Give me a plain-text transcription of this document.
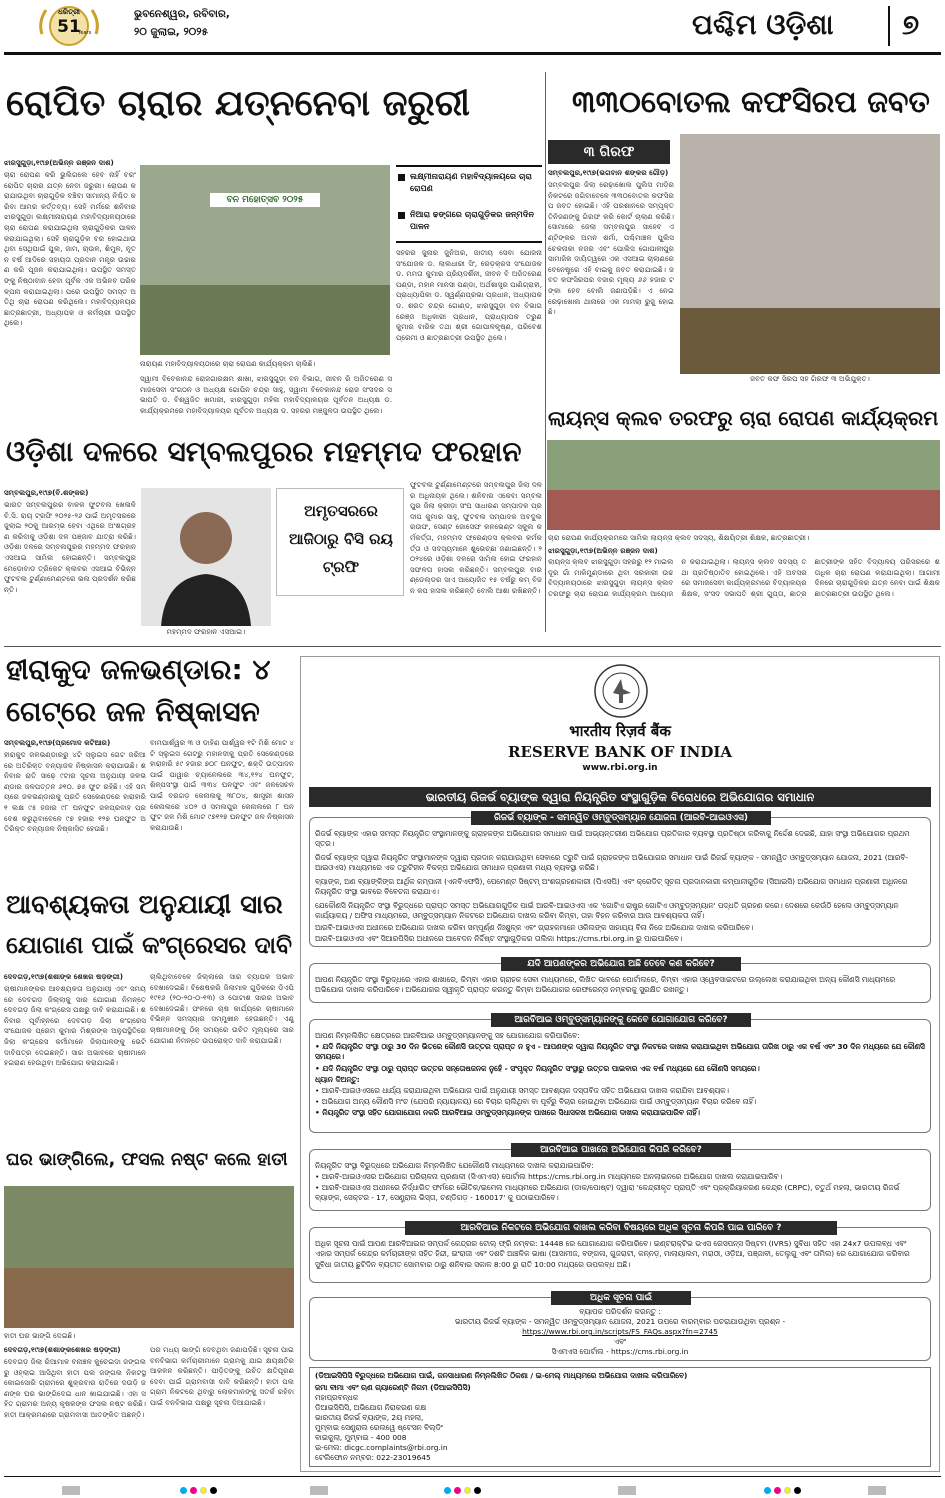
ଧରିତ୍ରୀ
51
Years
ଭୁବନେଶ୍ୱର, ରବିବାର,
୨୦ ଜୁଲାଇ, ୨୦୨୫	ପଶ୍ଚିମ ଓଡ଼ିଶା ୭
ରୋପିତ ଚାରାର ଯତ୍ନନେବା ଜରୁରୀ
ଝାରସୁଗୁଡ଼ା,୧୯ା୭(ଅଭିନ୍ନ ରଞ୍ଜନ ଦାଶ)
ଚାରା ରୋପଣ କରି ଭୁଲିଗଲେ ହେବ ନାହିଁ ବରଂ ରୋପିତ ଚାରାର ଯତ୍ନ ନେବା ଜରୁରୀ। ରୋପଣ କରାଯାଉଥିବା ଚାରାଗୁଡ଼ିକ ବଞ୍ଚିବା ସାମାନ୍ୟ ନିଶ୍ଚିତ କରିବା ଆମର କର୍ତ୍ତବ୍ୟ। ସେହି ମର୍ମରେ ଶନିବାର ଝାରସୁଗୁଡ଼ା ଲକ୍ଷ୍ମୀନାରାୟଣ ମହାବିଦ୍ୟାଳୟଠାରେ ଚାରା ରୋପଣ କରାଯାଇଥିଲା ଚାରାଗୁଡ଼ିକର ପାଳନ କରାଯାଇଥିଲା। ସେହି ଚାରାଗୁଡ଼ିକ ବର ହୋଇଥାଉଥିବା ସେଥିପାଇଁ ପୁଲ, ଜାମ, ଚାଉଳ, ଶିମୁଳ, ନୂତନ ବର୍ଷ ଆଦିରେ ସହାୟତା ପ୍ରଦାନ ମନ୍ତ୍ର ଉଚ୍ଚାରଣ କରି ପୂଜନ କରାଯାଇଥିଲା। ଉପସ୍ଥିତ ସମସ୍ତଙ୍କୁ ନିଷ୍ଠାବାନ ହେବା ପୂର୍ବକ ଏକ ଅଭିନବ ପରିକଳ୍ପନା କରାଯାଇଥିଲା। ପରେ ଉପସ୍ଥିତ ସମସ୍ତ ଅତିଥି ଚାରା ରୋପଣ କରିଥିଲେ। ମହାବିଦ୍ୟାଳୟର ଛାତ୍ରଛାତ୍ରୀ, ଅଧ୍ୟାପକ ଓ କର୍ମଚାରୀ ଉପସ୍ଥିତ ଥିଲେ।
ବନ ମହୋତ୍ସବ ୨୦୨୫
ନାରାୟଣ ମହାବିଦ୍ୟାଳୟଠାରେ ଚାରା ରୋପଣ କାର୍ଯ୍ୟକ୍ରମ ଚାଲିଛି।
ଲକ୍ଷ୍ମୀନାରାୟଣ ମହାବିଦ୍ୟାଳୟରେ ଚାରା ରୋପଣ
ନିଆରା ଢଙ୍ଗରେ ଚାରାଗୁଡ଼ିକର ଜନ୍ମଦିନ ପାଳନ
ସହରର ଜୁନାର ଜୁନିଅର, ଜାତୀୟ ସେବା ଯୋଜନା ସଂଯୋଜକ ଡ. ଲାଲଧାରୀ ସିଂ, ରେଡ଼କ୍ରସ ସଂଯୋଜକ ଡ. ମମତା କୁମାର ପ୍ରିୟଦର୍ଶିନୀ, ଜୀବନ ବି ଅଜିତରେଣ ପଣ୍ଡା, ମହାନ ମାନସୀ ପଣ୍ଡା, ଅର୍ଥଶାସ୍ତ୍ର ପାଣିଗ୍ରାହୀ, ପ୍ରାଧ୍ୟାପିକା ଡ. ସ୍ୱର୍ଣ୍ଣପ୍ରଭା ପ୍ରଧାନ, ଅଧ୍ୟାପକ ଡ. ଶରତ ଚନ୍ଦ୍ର ଗୋଣ୍ଡ, ଝାରସୁଗୁଡ଼ା ବନ ବିଭାଗ ରେଞ୍ଜ ଅଧିକାରୀ ପ୍ରଧାନ, ପ୍ରାଧ୍ୟାପକ ତରୁଣ କୁମାର ବାରିକ ତଥା ଶ୍ରୀ ଗୋପାଳକୃଷ୍ଣ, ପରିବେଶପ୍ରେମୀ ଓ ଛାତ୍ରଛାତ୍ରୀ ଉପସ୍ଥିତ ଥିଲେ।
ସ୍ୱାମୀ ବିବେକାନନ୍ଦ ରୋଜଗାରକ୍ଷମ ଶାଖା, ଝାରସୁଗୁଡ଼ା ବନ ବିଭାଗ, ଜୀବନ ରି ଅଜିତରେଣ ସମାଜସେବୀ ସଂଗଠନ ଓ ଅଧ୍ୟକ୍ଷ ଗୋପିନ ଚନ୍ଦ୍ର ସାହୁ, ସ୍ୱାମୀ ବିବେକାନନ୍ଦ ରୋଜ ସଂସଦର ସଭାପତି ଡ. ବିଶ୍ୱଜିତ ଖମାରୀ, ଝାରସୁଗୁଡ଼ା ମହିଳା ମହାବିଦ୍ୟାଳୟର ପୂର୍ବତନ ଅଧ୍ୟକ୍ଷ ଡ. କାର୍ଯ୍ୟକ୍ରମରେ ମହାବିଦ୍ୟାଳୟର ପୂର୍ବତନ ଅଧ୍ୟକ୍ଷ ଡ. ସହରର ମଞ୍ଜୁଳତା ଉପସ୍ଥିତ ଥିଲେ।
୩୩୦ବୋତଲ କଫସିରପ ଜବତ
୩ ଗିରଫ
ସମ୍ବଲପୁର,୧୯ା୭(ଭଗବାନ ଶଙ୍କର ଗୌଡ଼)
ସମ୍ବଲପୁର ଜିଲା ରେଢ଼ାଖୋଲ ପୁଲିସ ମାଡ଼ିର ନିକଟରେ ଜଗିବାବେଳେ ୩୩୦ବୋତଲ କଫସିରପ ଜବତ ହୋଇଛି। ଏହି ପରଶାନରେ ସମ୍ପୃକ୍ତ ତିନିଜଣଙ୍କୁ ଗିରଫ କରି କୋର୍ଟ ଚାଲାଣ କରିଛି। ସୋମାରେ ଜେଲା ସମ୍ବଲପୁର ସାହେବ ଏଣ୍ଟିଙ୍କର ଅମନ ଶର୍ମା, ପଶ୍ଚିମାଞ୍ଚଳ ପୁଲିସ ଚେକନାକା ନଜର ଏବଂ ପୋଲିସ ଗୋପାଳୀପୁର ସାମାଜିକ ଦାୟିତ୍ୱରେ ଏକ ଏସଆଇ ଚାଲାଣରେ ବେନେଷ୍ଟ୍ରେ ଏହି ବାଇକୁ ଜବତ କରାଯାଇଛି। ଜବତ କଫସିରପର ବଜାର ମୂଲ୍ୟ ୬୬ ହଜାର ଟଙ୍କା ହେବ ବୋଲି ଜଣାପଡ଼ିଛି। ଏ ନେଇ ରେଢ଼ାଖୋଲ ଥାନାରେ ଏକ ମାମଲା ରୁଜୁ ହୋଇଛି।
ଜବତ କଫ ସିରପ ସହ ଗିରଫ ୩ ଅଭିଯୁକ୍ତ।
ଲାୟନ୍ସ କ୍ଲବ ତରଫରୁ ଚାରା ରୋପଣ କାର୍ଯ୍ୟକ୍ରମ
ଚାରା ରୋପଣ କାର୍ଯ୍ୟକ୍ରମରେ ସାମିଲ ଲାୟନ୍ସ କ୍ଲବ ସଦସ୍ୟ, ଶିକ୍ଷୟିତ୍ରୀ ଶିକ୍ଷକ, ଛାତ୍ରଛାତ୍ରୀ।
ଝାରସୁଗୁଡ଼ା,୧୯ା୭(ଅଭିନ୍ନ ରଞ୍ଜନ ଦାଶ)
ଲାୟନ୍ସ କ୍ଲବ ଝାରସୁଗୁଡ଼ା ସହରରୁ ୧୨ ମାଇଲ ଦୂର ଗାଁ ମାକିମୁଣ୍ଡାରେ ଥିବା ସରକାରୀ ଉଚ୍ଚ ବିଦ୍ୟାଳୟଠାରେ ଝାରସୁଗୁଡ଼ା ଲାୟନ୍ସ କ୍ଲବ ତରଫରୁ ଚାରା ରୋପଣ କାର୍ଯ୍ୟକ୍ରମ ଆୟୋଜନ କରାଯାଇଥିଲା। ଲାୟନ୍ସ କ୍ଲବ ସଦସ୍ୟ ତଥା ପ୍ରତିଷ୍ଠାତିବ ହୋଇଥିଲେ। ଏହି ଅବସରରେ ସମାଜସେବୀ କାର୍ଯ୍ୟକ୍ରମରେ ବିଦ୍ୟାଳୟର ଶିକ୍ଷକ, ସଂସଦ ସଭାପତି ଶ୍ରୀ ଗୁପ୍ତା, ଛାତ୍ରଛାତ୍ରୀଙ୍କ ସହିତ ବିଦ୍ୟାଳୟ ପରିସରରେ ଶତାଧିକ ଚାରା ରୋପଣ କରାଯାଇଥିଲା। ଆଗାମୀ ଦିନରେ ଚାରାଗୁଡ଼ିକର ଯତ୍ନ ନେବା ପାଇଁ ଶିକ୍ଷକ ଛାତ୍ରଛାତ୍ରୀ ଉପସ୍ଥିତ ଥିଲେ।
ଓଡ଼ିଶା ଦଳରେ ସମ୍ବଲପୁରର ମହମ୍ମଦ ଫରହାନ
ସମ୍ବଲପୁର,୧୯ା୭(ବି.ଶଙ୍କର)
ଭାରତ ସମ୍ବଲପୁରର ବାଳକ ଫୁଟବଲ ଖେଳାଳି ବି.ସି. ରାୟ ଟ୍ରଫି ୨୦୨୫-୨୬ ପାଇଁ ଅମୃତସରରେ ଜୁଲାଇ ୨୦କୁ ଆରମ୍ଭ ହେବା ଏଥିରେ ଅଂଶଗ୍ରହଣ କରିବାକୁ ଓଡ଼ିଶା ଦଳ ପଞ୍ଜାବ ଯାତ୍ରା କରିଛି। ଓଡ଼ିଶା ଦଳରେ ସମ୍ବଲପୁରର ମହମ୍ମଦ ଫରହାନ ଏସଆଇ ସାମିଲ ହୋଇଛନ୍ତି। ସମ୍ବଲପୁର ମେଡ଼ୋବାଡ ତ୍ରିକେଟ କ୍ଲବର ଏସଆଇ ବିଭିନ୍ନ ଫୁଟବଲ ଟୁର୍ଣ୍ଣାମେଣ୍ଟରେ ଭଲ ପ୍ରଦର୍ଶନ କରିଛନ୍ତି।
ମହମ୍ମଦ ଫରହାନ ଏସଆଇ।
ଅମୃତସରରେ ଆଜିଠାରୁ ବିସି ରୟ ଟ୍ରଫି
ଫୁଟବଲ ଟୁର୍ଣ୍ଣାମେଣ୍ଟରେ ସମ୍ବଲପୁର ଜିଲା ଦଳର ଅଧିନାୟକ ଥିଲେ। ଶନିବାର ଏକେବା ସମ୍ବଲପୁର ଜିଲା କ୍ରୀଡ଼ା ସଂଘ ସାଧାରଣ ସମ୍ପାଦକ ପ୍ରଦୀପ କୁମାର ସାହୁ, ଫୁଟବଲ ସମ୍ପାଦକ ଅବଦୁଲ ରଉଫ, ସେଣ୍ଟ ଜୋସେଫ କନଭେଣ୍ଟ ସ୍କୁଲ କର୍ମକର୍ତ୍ତା, ମହମ୍ମଦ ଫ୍ରେଣ୍ଡସ କ୍ଲବର କର୍ମକର୍ତ୍ତା ଓ ସଦସ୍ୟମାନେ ଶୁଭେଚ୍ଛା ଜଣାଇଛନ୍ତି। ୨୦୨୪ରେ ଓଡ଼ିଶା ଦଳରେ ସାମିଲ ହୋଇ ଫରହାନ ସଫଳତା ହାସଲ କରିଛନ୍ତି। ସମ୍ବଲପୁର ବାରଣ୍ଡେଲ୍ଡର ସାଏ ଆୟୋଜିତ ୧୫ ବର୍ଷରୁ କମ୍ ବିଜନ କପ ହାସଲ କରିଛନ୍ତି ବୋଲି ଆଶା ରଖିଛନ୍ତି।
ହୀରାକୁଦ ଜଳଭଣ୍ଡାର: ୪
ଗେଟ୍‌ରେ ଜଳ ନିଷ୍କାସନ
ସମ୍ବଲପୁର,୧୯ା୭(ପ୍ରମୋଦ କଟିଆର)
ହୀରାକୁଦ ଜଳଭଣ୍ଡାରରୁ ୪ଟି ସ୍ଲୁଇସ ଗେଟ ଜରିଆରେ ଅତିରିକ୍ତ ବନ୍ୟାଜଳ ନିଷ୍କାସନ କରାଯାଉଛି। ଶନିବାର ରାତି ସାଢ଼େ ୯ଟାର ସୂଚନା ଅନୁଯାୟୀ ଜଳଭଣ୍ଡାର ଜଳପତ୍ତନ ୬୧୦. ୭୫ ଫୁଟ ରହିଛି। ଏହି ସମୟରେ ଜଳଭଣ୍ଡାରକୁ ପ୍ରତି ସେକେଣ୍ଡରେ ହାରାହାରି ୧ ଲକ୍ଷ ୯୫ ହଜାର ୯୮ ଘନଫୁଟ ଜଳପ୍ରବାହ ପ୍ରବେଶ କରୁଥିବାବେଳେ ୯୭ ହଜାର ୧୨୭ ଘନଫୁଟ ଅତିରିକ୍ତ ବନ୍ୟାଜଳ ନିଷ୍କାସିତ ହେଉଛି।
ବାମପାର୍ଶ୍ୱର ୩ ଓ ଡାହିଣ ପାର୍ଶ୍ୱର ୧ଟି ମିଶି ମୋଟ ୪ଟି ସ୍ଲୁଇସ ଗେଟ୍‌ରୁ ମହାନଦୀକୁ ପ୍ରତି ସେକେଣ୍ଡରେ ହାରାହାରି ୫୯ ହଜାର ୭୦୮ ଘନଫୁଟ, ଶକ୍ତି ଉତ୍ପାଦନ ପାଇଁ ପାୱାର ଚ୍ୟାନେଲରେ ୩୪,୧୨୪ ଘନଫୁଟ, ଶିଳ୍ପସଂସ୍ଥା ପାଇଁ ୩୩୪ ଘନଫୁଟ ଏବଂ ଜଳସେଚନ ପାଇଁ ବରଗଡ଼ କେନାଲକୁ ୩୮୦୪, ଶାସ୍ତ୍ରୀ ଶାସନ କେନାଲରେ ୪୦୨ ଓ ସମଲପୁର କେନାଲରେ ୮ ଘନଫୁଟ ଜଳ ମିଶି ମୋଟ ୯୭୧୨୭ ଘନଫୁଟ ଜଳ ନିଷ୍କାସନ କରାଯାଉଛି।
ଆବଶ୍ୟକତା ଅନୁଯାୟୀ ସାର
ଯୋଗାଣ ପାଇଁ କଂଗ୍ରେସର ଦାବି
ଦେବଗଡ଼,୧୯ା୭(ଶଶାଙ୍କ ଶେଖର ଷଡ଼ଙ୍ଗୀ)
ଚାଷୀମାନଙ୍କର ଆବଶ୍ୟକତା ଅନୁଯାୟୀ ଏବଂ ସମୟରେ ଦେବଗଡ଼ ଜିଲ୍ଲାକୁ ସାର ଯୋଗାଣ ନିମନ୍ତେ ଦେବଗଡ଼ ଜିଲା କଂଗ୍ରେସ ପକ୍ଷରୁ ଦାବି କରାଯାଇଛି। ଶନିବାର ପୂର୍ବାହ୍ନରେ ଦେବଗଡ଼ ଜିଲା କଂଗ୍ରେସ ସଂଯୋଜକ ପ୍ରେମ କୁମାର ମିଶ୍ରଙ୍କ ଅନୁପସ୍ଥିତିରେ ଜିଲା କଂଗ୍ରେସ କର୍ମୀମାନେ ଜିଲାପାଳଙ୍କୁ ଭେଟି ଦାବିପତ୍ର ଦେଇଛନ୍ତି। ସାର ଅଭାବରେ ଚାଷୀମାନେ ହଇରାଣ ହେଉଥିବା ଅଭିଯୋଗ କରାଯାଇଛି।
ଚାଲିଥିବାବେଳେ ଜିଲ୍ଲାରେ ସାର ବ୍ୟାପକ ଅଭାବ ଦେଖାଦେଇଛି। ବିଶେଷକରି ଜିଲାମାଳ ଗୁଡ଼ିକରେ ଡିଏପି ୧୯୧୬ (୨୦-୨୦-୦-୧୩) ଓ ପୋଟାଶ ସାରର ଅଭାବ ଦେଖାଦେଇଛି। ଫଳରେ ଚାଷ କାର୍ଯ୍ୟରେ ଚାଷୀମାନେ ବିଭିନ୍ନ ସମସ୍ୟାର ସମ୍ମୁଖୀନ ହେଉଛନ୍ତି। ଏଣୁ ଚାଷୀମାନଙ୍କୁ ଠିକ୍ ସମୟରେ ଉଚିତ ମୂଲ୍ୟରେ ସାର ଯୋଗାଣ ନିମନ୍ତେ ଉପରୋକ୍ତ ଦାବି କରାଯାଇଛି।
ଘର ଭାଙ୍ଗିଲେ, ଫସଲ ନଷ୍ଟ କଲେ ହାତୀ
ହାତୀ ଘର ଭାଙ୍ଗି ଦେଇଛି।
ଦେବଗଡ଼,୧୯ା୭(ଶଶାଙ୍କଶେଖର ଷଡ଼ଙ୍ଗୀ)
ଦେବଗଡ଼ ଜିଲା ରିଆମାଳ ବନାଞ୍ଚଳ କୁଚେଇଦା ଜଙ୍ଗଲରୁ ଓହ୍ଲାଇ ଆସିଥିବା ହାତୀ ପଲ ଜଙ୍ଗଲ ନିକଟସ୍ଥ କୋଇସୋରି ଗ୍ରାମରେ ଶୁକ୍ରବାର ରାତିରେ ଦଉଡ଼ି ଜଣଙ୍କ ଘର ଭାଙ୍ଗିଦେଇ ଧାନ ଖାଇଯାଇଛି। ଏହା ସହିତ ଗ୍ରାମର ଅନ୍ୟ କୃଷକଙ୍କ ଫସଲ ନଷ୍ଟ କରିଛି। ହାତୀ ଆକ୍ରମଣରେ ଗ୍ରାମବାସୀ ଆତଙ୍କିତ ଅଛନ୍ତି।
ପର ମଧ୍ୟ ଭାଙ୍ଗି ଦେବଥିବା ଜଣାପଡ଼ିଛି। ସୂଚନା ପାଇ ବନବିଭାଗ କର୍ମଚାରୀମାନେ ଗ୍ରାମକୁ ଯାଇ କ୍ଷୟକ୍ଷତିର ଆକଳନ କରିଛନ୍ତି। ପୀଡ଼ିତଙ୍କୁ ଉଚିତ କ୍ଷତିପୂରଣ ଦେବା ପାଇଁ ଗ୍ରାମବାସୀ ଦାବି କରିଛନ୍ତି। ହାତୀ ପଲ ଗ୍ରାମ ନିକଟରେ ଥିବାରୁ ଲୋକମାନଙ୍କୁ ସତର୍କ ରହିବା ପାଇଁ ବନବିଭାଗ ପକ୍ଷରୁ ସୂଚନା ଦିଆଯାଇଛି।
भारतीय रिज़र्व बैंक
RESERVE BANK OF INDIA
www.rbi.org.in
ଭାରତୀୟ ରିଜର୍ଭ ବ୍ୟାଙ୍କ ଦ୍ୱାରା ନିୟନ୍ତ୍ରିତ ସଂସ୍ଥାଗୁଡ଼ିକ ବିରୋଧରେ ଅଭିଯୋଗର ସମାଧାନ
ରିଜର୍ଭ ବ୍ୟାଙ୍କ - ସମନ୍ୱିତ ଓମ୍ବୁଡ୍ସମ୍ୟାନ ଯୋଜନା (ଆରବି-ଆଇଓଏସ)
ରିଜର୍ଭ ବ୍ୟାଙ୍କ ଏହାର ସମସ୍ତ ନିୟନ୍ତ୍ରିତ ସଂସ୍ଥାମାନଙ୍କୁ ଗ୍ରାହକଙ୍କ ଅଭିଯୋଗର ସମାଧାନ ପାଇଁ ଆଭ୍ୟନ୍ତରୀଣ ଅଭିଯୋଗ ପ୍ରତିକାର ବ୍ୟବସ୍ଥା ପ୍ରତିଷ୍ଠା କରିବାକୁ ନିର୍ଦ୍ଦେଶ ଦେଇଛି, ଯାହା ସଂସ୍ଥା ଅଭିଯୋଗର ପ୍ରଥମ ସ୍ତର।
ରିଜର୍ଭ ବ୍ୟାଙ୍କ ଦ୍ୱାରା ନିୟନ୍ତ୍ରିତ ସଂସ୍ଥାମାନଙ୍କ ଦ୍ୱାରା ପ୍ରଦାନ କରାଯାଉଥିବା ସେବାରେ ତ୍ରୁଟି ପାଇଁ ଗ୍ରାହକଙ୍କ ଅଭିଯୋଗର ସମାଧାନ ପାଇଁ ରିଜର୍ଭ ବ୍ୟାଙ୍କ - ସମନ୍ୱିତ ଓମ୍ବୁଡ୍ସମ୍ୟାନ ଯୋଜନା, 2021 (ଆରବି-ଆଇଓଏସ) ମାଧ୍ୟମରେ ଏକ ତ୍ରୁଟିହୀନ ବିକଳ୍ପ ଅଭିଯୋଗ ସମାଧାନ ପ୍ରଣାଳୀ ମଧ୍ୟ ବ୍ୟବସ୍ଥା କରିଛି।
ବ୍ୟାଙ୍କ, ଅଣ ବ୍ୟାଙ୍କିଙ୍ଗ ଆର୍ଥିକ କମ୍ପାନୀ (ଏନବିଏଫସି), ପେମେଣ୍ଟ ସିଷ୍ଟମ୍ ଅଂଶଗ୍ରହଣକାରୀ (ପିଏସପି) ଏବଂ କ୍ରେଡିଟ୍ ସୂଚନା ପ୍ରଦାନକାରୀ କମ୍ପାନୀଗୁଡ଼ିକ (ସିଆଇସି) ଅଭିଯୋଗ ସମାଧାନ ପ୍ରଣାଳୀ ଅଧିନରେ ନିୟନ୍ତ୍ରିତ ସଂସ୍ଥା ଭାବରେ ବିବେଚନା କରାଯାଏ।
ଯେକୌଣସି ନିୟନ୍ତ୍ରିତ ସଂସ୍ଥା ବିରୁଦ୍ଧରେ ପ୍ରାପ୍ତ ସମସ୍ତ ଅଭିଯୋଗଗୁଡ଼ିକ ପାଇଁ ଆରବି-ଆଇଓଏସ ଏକ 'ଗୋଟିଏ ରାଷ୍ଟ୍ର ଗୋଟିଏ ଓମ୍ବୁଡ୍ସମ୍ୟାନ' ପଦ୍ଧତି ଗ୍ରହଣ କରେ। ଦେଶରେ କେଉଁଠି ହେଲେ ଓମ୍ବୁଡ୍ସମ୍ୟାନ କାର୍ଯ୍ୟାଳୟ / ଅଫିସ ମାଧ୍ୟମରେ, ଓମ୍ବୁଡ୍ସମ୍ୟାନ ନିକଟରେ ଅଭିଯୋଗ ଦାଖଲ କରିବା କିମ୍ବା, ତାହା ବିହନ କରିବାର ଆଉ ଆବଶ୍ୟକତା ନାହିଁ।
ଆରବି-ଆଇଓଏସ ଅଧୀନରେ ଅଭିଯୋଗ ଦାଖଲ କରିବା ସମ୍ପୂର୍ଣ୍ଣ ନିଃଶୁଳ୍କ ଏବଂ ଗ୍ରାହକମାନେ ଓକିଲଙ୍କ ସାହାଯ୍ୟ ବିନା ନିଜେ ଅଭିଯୋଗ ଦାଖଲ କରିପାରିବେ।
ଆରବି-ଆଇଓଏସ ଏବଂ ସିଆରପିସିର ଅଧୀନରେ ଆବେଦନ ନିର୍ଦ୍ଦିଷ୍ଟ ସଂସ୍ଥାଗୁଡ଼ିକର ତାଲିକା https://cms.rbi.org.in ରୁ ପାଇପାରିବେ।
ଯଦି ଆପଣଙ୍କର ଅଭିଯୋଗ ଅଛି ତେବେ କଣ କରିବେ?
ଆପଣ ନିୟନ୍ତ୍ରିତ ସଂସ୍ଥା ବିରୁଦ୍ଧରେ ଏହାର ଶାଖାରେ, କିମ୍ବା ଏହାର ଗ୍ରାହକ ସେବା ମାଧ୍ୟମରେ, ଲିଖିତ ଭାବରେ ପୋର୍ଟାଲରେ, କିମ୍ବା ଏହାର ଓ୍ୱେବସାଇଟରେ ଉଲ୍ଲେଖ କରାଯାଇଥିବା ଅନ୍ୟ କୌଣସି ମାଧ୍ୟମରେ ଅଭିଯୋଗ ଦାଖଲ କରିପାରିବେ। ଅଭିଯୋଗର ସ୍ୱୀକୃତି ପ୍ରାପ୍ତ କରନ୍ତୁ କିମ୍ବା ଅଭିଯୋଗର ରେଫରେନ୍ସ ନମ୍ବରକୁ ସୁରକ୍ଷିତ ରଖନ୍ତୁ।
ଆରବିଆଇ ଓମ୍ବୁଡ୍ସମ୍ୟାନଙ୍କୁ କେବେ ଯୋଗାଯୋଗ କରିବେ?
ଆପଣ ନିମ୍ନଲିଖିତ କ୍ଷେତ୍ରରେ ଆରବିଆଇ ଓମ୍ବୁଡ୍ସମ୍ୟାନଙ୍କୁ ସହ ଯୋଗାଯୋଗ କରିପାରିବେ:
• ଯଦି ନିୟନ୍ତ୍ରିତ ସଂସ୍ଥା ଠାରୁ 30 ଦିନ ଭିତରେ କୌଣସି ଉତ୍ତର ପ୍ରାପ୍ତ ନ ହୁଏ - ଆପଣଙ୍କ ଦ୍ୱାରା ନିୟନ୍ତ୍ରିତ ସଂସ୍ଥା ନିକଟରେ ଦାଖଲ କରାଯାଇଥିବା ଅଭିଯୋଗ ତାରିଖ ଠାରୁ ଏକ ବର୍ଷ ଏବଂ 30 ଦିନ ମଧ୍ୟରେ ଯେ କୌଣସି ସମୟରେ।
• ଯଦି ନିୟନ୍ତ୍ରିତ ସଂସ୍ଥା ଠାରୁ ପ୍ରାପ୍ତ ଉତ୍ତର ସନ୍ତୋଷଜନକ ନୁହେଁ - ସଂପୃକ୍ତ ନିୟନ୍ତ୍ରିତ ସଂସ୍ଥାରୁ ଉତ୍ତର ପାଇବାର ଏକ ବର୍ଷ ମଧ୍ୟରେ ଯେ କୌଣସି ସମୟରେ।
ଧ୍ୟାନ ଦିଅନ୍ତୁ:
• ଆରବି-ଆଇଓଏସରେ ଧାର୍ଯ୍ୟ କରାଯାଇଥିବା ଅଭିଯୋଗ ପାଇଁ ଅନୁଯାୟୀ ସମସ୍ତ ଆବଶ୍ୟକ ଦସ୍ତାବିଜ ସହିତ ଅଭିଯୋଗ ଦାଖଲ କରାଯିବା ଆବଶ୍ୟକ।
• ଅଭିଯୋଗ ଅନ୍ୟ କୌଣସି ମଂଚ (ଯେପରି ନ୍ୟାୟାଳୟ) ରେ ବିଚାର ଚାଲିଥିବା ବା ପୂର୍ବରୁ ବିଚାର ହୋଇଥିବା ଅଭିଯୋଗ ପାଇଁ ଓମ୍ବୁଡ୍ସମ୍ୟାନ ବିଚାର କରିବେ ନାହିଁ।
• ନିୟନ୍ତ୍ରିତ ସଂସ୍ଥା ସହିତ ଯୋଗାଯୋଗ ନକରି ଆରବିଆଇ ଓମ୍ବୁଡ୍ସମ୍ୟାନଙ୍କ ପାଖରେ ସିଧାସଳଖ ଅଭିଯୋଗ ଦାଖଲ କରାଯାଇପାରିବ ନାହିଁ।
ଆରବିଆଇ ପାଖରେ ଅଭିଯୋଗ କିପରି କରିବେ?
ନିୟନ୍ତ୍ରିତ ସଂସ୍ଥା ବିରୁଦ୍ଧରେ ଅଭିଯୋଗ ନିମ୍ନଲିଖିତ ଯେକୌଣସି ମାଧ୍ୟମରେ ଦାଖଲ କରାଯାଇପାରିବ:
• ଆରବି-ଆଇଓଏସର ଅଭିଯୋଗ ପରିଚାଳନା ପ୍ରଣାଳୀ (ସିଏମଏସ) ପୋର୍ଟାଲ https://cms.rbi.org.in ମାଧ୍ୟମରେ ଅନଲାଇନରେ ଅଭିଯୋଗ ଦାଖଲ କରାଯାଇପାରିବ।
• ଆରବି-ଆଇଓଏସ ଅଧୀନରେ ନିର୍ଦ୍ଧାରିତ ଫର୍ମରେ ଭୌତିକ/ଇମେଲ ମାଧ୍ୟମରେ ଅଭିଯୋଗ (ଡାକ/ପୋଷ୍ଟ) ଦ୍ୱାରା 'କେନ୍ଦ୍ରୀକୃତ ପ୍ରାପ୍ତି ଏବଂ ପ୍ରକ୍ରିୟାକରଣ କେନ୍ଦ୍ର (CRPC), ଚତୁର୍ଥ ମହଲା, ଭାରତୀୟ ରିଜର୍ଭ ବ୍ୟାଙ୍କ, ସେକ୍ଟର - 17, ସେଣ୍ଟ୍ରାଲ ଭିସ୍ତା, ଚଣ୍ଡିଗଡ଼ - 160017' କୁ ପଠାଇପାରିବେ।
ଆରବିଆଇ ନିକଟରେ ଅଭିଯୋଗ ଦାଖଲ କରିବା ବିଷୟରେ ଅଧିକ ସୂଚନା କିପରି ପାଇ ପାରିବେ ?
ଅଧିକ ସୂଚନା ପାଇଁ ଆପଣ ଆରବିଆଇର ସମ୍ପର୍କ କେନ୍ଦ୍ରର ଟୋଲ୍ ଫ୍ରି ନମ୍ବର: 14448 ରେ ଯୋଗାଯୋଗ କରିପାରିବେ। ଇଣ୍ଟରାକ୍ଟିଭ ଭଏସ ରେସପନ୍ସ ସିଷ୍ଟମ (IVRS) ସୁବିଧା ସହିତ ଏହା 24x7 ଉପଲବ୍ଧ ଏବଂ ଏହାର ସମ୍ପର୍କ କେନ୍ଦ୍ର କର୍ମଚାରୀଙ୍କ ସହିତ ହିନ୍ଦୀ, ଇଂରାଜୀ ଏବଂ ଦଶଟି ଆଞ୍ଚଳିକ ଭାଷା (ଆସାମୀଜ, ବଙ୍ଗଳା, ଗୁଜରାଟୀ, କନ୍ନଡ଼, ମାଲାୟାଲମ, ମରାଠୀ, ଓଡ଼ିଆ, ପଞ୍ଜାବୀ, ତେଲୁଗୁ ଏବଂ ତାମିଲ) ରେ ଯୋଗାଯୋଗ କରିବାର ସୁବିଧା ଜାତୀୟ ଛୁଟିଦିନ ବ୍ୟତୀତ ସୋମବାର ଠାରୁ ଶନିବାର ସକାଳ 8:00 ରୁ ରାତି 10:00 ମଧ୍ୟରେ ଉପଲବ୍ଧ ଅଛି।
ଅଧିକ ସୂଚନା ପାଇଁ
ବ୍ୟାପକ ପରିଦର୍ଶନ କରନ୍ତୁ :
ଭାରତୀୟ ରିଜର୍ଭ ବ୍ୟାଙ୍କ - ସମନ୍ୱିତ ଓମ୍ବୁଡ୍ସମ୍ୟାନ ଯୋଜନା, 2021 ଉପରେ ବାରମ୍ବାର ପଚରାଯାଉଥିବା ପ୍ରଶ୍ନ -
https://www.rbi.org.in/scripts/FS_FAQs.aspx?fn=2745
ଏବଂ
ସିଏମଏସ ପୋର୍ଟାଲ - https://cms.rbi.org.in
(ଡିଆଇସିପିସି ବିରୁଦ୍ଧରେ ଅଭିଯୋଗ ପାଇଁ, ଜନସାଧାରଣ ନିମ୍ନଲିଖିତ ଠିକଣା / ଇ-ମେଲ୍ ମାଧ୍ୟମରେ ଅଭିଯୋଗ ଦାଖଲ କରିପାରିବେ)
ଜମା ବୀମା ଏବଂ ଋଣ ଗ୍ୟାରେଣ୍ଟି ନିଗମ (ଡିଆଇସିପିସି)
ମହାପ୍ରବନ୍ଧକ
ଡିଆଇସିପିସି, ଅଭିଯୋଗ ନିରାକରଣ କକ୍ଷ
ଭାରତୀୟ ରିଜର୍ଭ ବ୍ୟାଙ୍କ, 2ୟ ମହଲା,
ମୁମ୍ବାଇ ସେଣ୍ଟ୍ରାଲ ରେଲୱେ ଷ୍ଟେସନ ବିଲ୍ଡିଂ
ବାଇକୁଲା, ମୁମ୍ବାଇ - 400 008
ଇ-ମେଲ: dicgc.complaints@rbi.org.in
ଟେଲିଫୋନ ନମ୍ବର: 022-23019645
